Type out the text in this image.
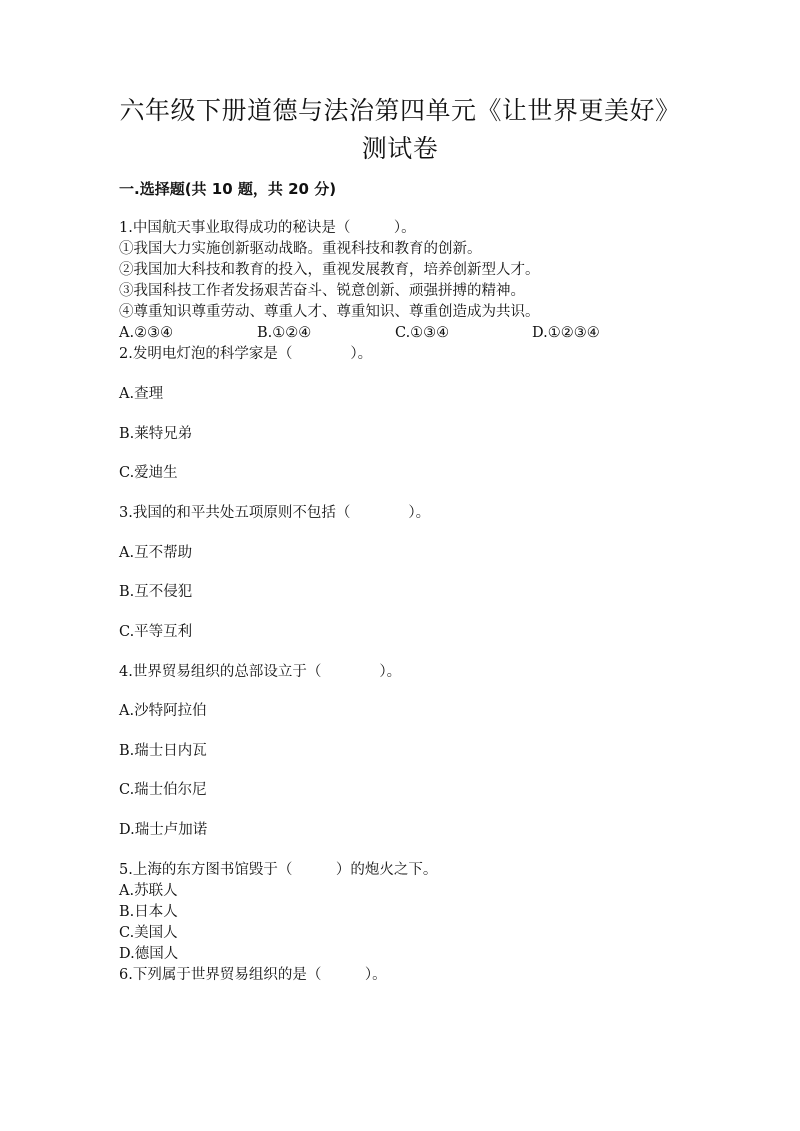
六年级下册道德与法治第四单元《让世界更美好》
测试卷
一.选择题(共 10 题，共 20 分)
1.中国航天事业取得成功的秘诀是（　　　）。
①我国大力实施创新驱动战略。重视科技和教育的创新。
②我国加大科技和教育的投入，重视发展教育，培养创新型人才。
③我国科技工作者发扬艰苦奋斗、锐意创新、顽强拼搏的精神。
④尊重知识尊重劳动、尊重人才、尊重知识、尊重创造成为共识。
A.②③④	B.①②④	C.①③④	D.①②③④
2.发明电灯泡的科学家是（　　　　）。
A.查理
B.莱特兄弟
C.爱迪生
3.我国的和平共处五项原则不包括（　　　　）。
A.互不帮助
B.互不侵犯
C.平等互利
4.世界贸易组织的总部设立于（　　　　）。
A.沙特阿拉伯
B.瑞士日内瓦
C.瑞士伯尔尼
D.瑞士卢加诺
5.上海的东方图书馆毁于（　　　）的炮火之下。
A.苏联人
B.日本人
C.美国人
D.德国人
6.下列属于世界贸易组织的是（　　　）。
